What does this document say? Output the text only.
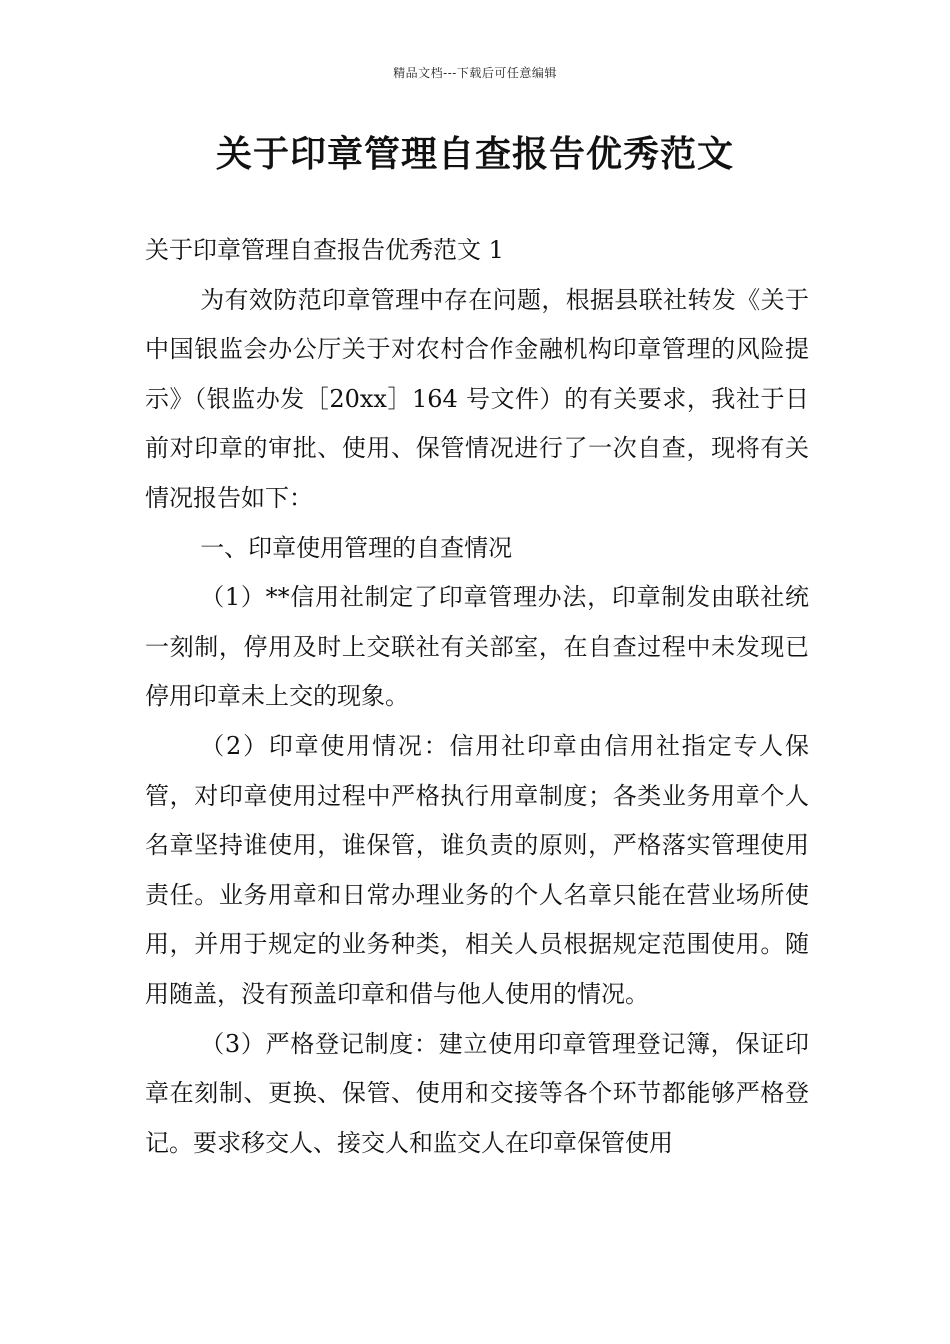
精品文档---下载后可任意编辑
关于印章管理自查报告优秀范文

关于印章管理自查报告优秀范文 1

为有效防范印章管理中存在问题，根据县联社转发《关于中国银监会办公厅关于对农村合作金融机构印章管理的风险提示》（银监办发［20xx］164 号文件）的有关要求，我社于日前对印章的审批、使用、保管情况进行了一次自查，现将有关情况报告如下：

一、印章使用管理的自查情况

（1）**信用社制定了印章管理办法，印章制发由联社统一刻制，停用及时上交联社有关部室，在自查过程中未发现已停用印章未上交的现象。

（2）印章使用情况：信用社印章由信用社指定专人保管，对印章使用过程中严格执行用章制度；各类业务用章个人名章坚持谁使用，谁保管，谁负责的原则，严格落实管理使用责任。业务用章和日常办理业务的个人名章只能在营业场所使用，并用于规定的业务种类，相关人员根据规定范围使用。随用随盖，没有预盖印章和借与他人使用的情况。

（3）严格登记制度：建立使用印章管理登记簿，保证印章在刻制、更换、保管、使用和交接等各个环节都能够严格登记。要求移交人、接交人和监交人在印章保管使用
